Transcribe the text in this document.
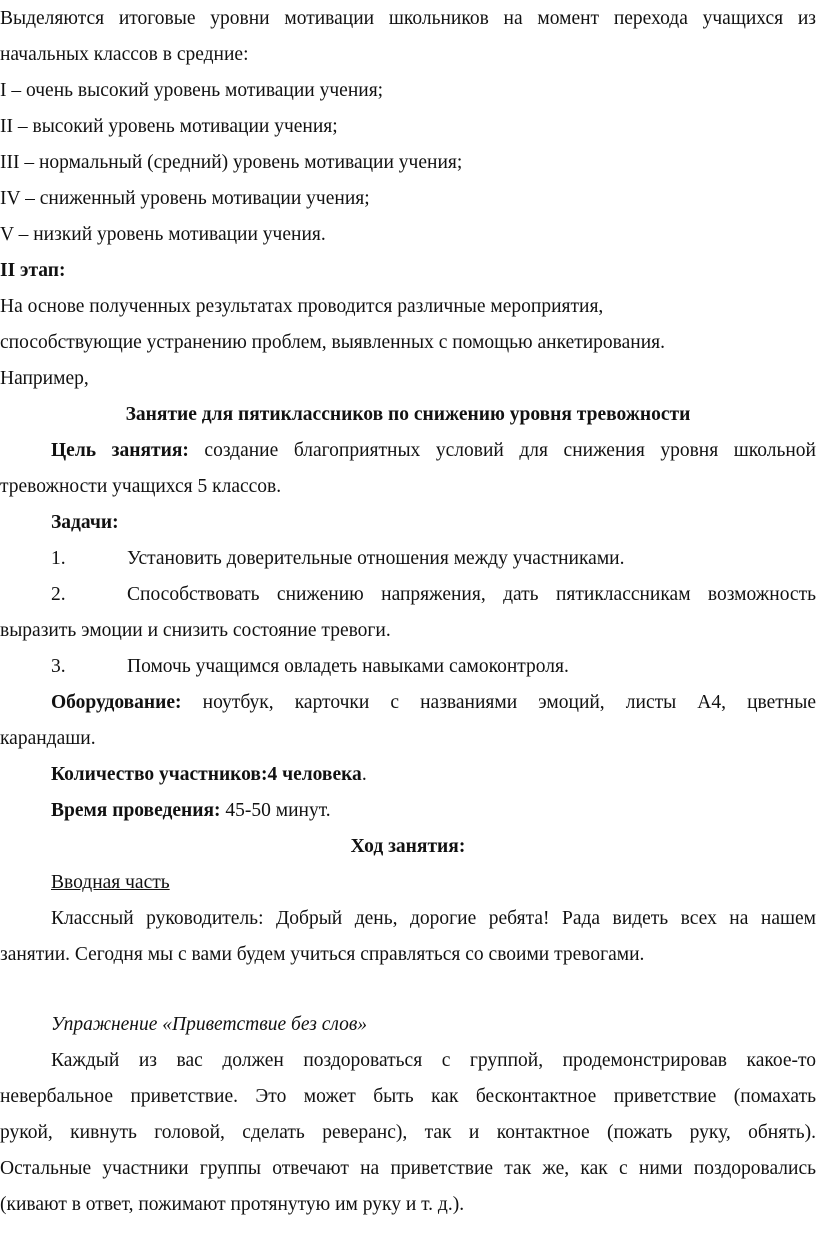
Выделяются итоговые уровни мотивации школьников на момент перехода учащихся из
начальных классов в средние:
I – очень высокий уровень мотивации учения;
II – высокий уровень мотивации учения;
III – нормальный (средний) уровень мотивации учения;
IV – сниженный уровень мотивации учения;
V – низкий уровень мотивации учения.
II этап:
На основе полученных результатах проводится различные мероприятия,
способствующие устранению проблем, выявленных с помощью анкетирования.
Например,
Занятие для пятиклассников по снижению уровня тревожности
Цель занятия: создание благоприятных условий для снижения уровня школьной
тревожности учащихся 5 классов.
Задачи:
1.	Установить доверительные отношения между участниками.
2.	Способствовать снижению напряжения, дать пятиклассникам возможность
выразить эмоции и снизить состояние тревоги.
3.	Помочь учащимся овладеть навыками самоконтроля.
Оборудование: ноутбук, карточки с названиями эмоций, листы А4, цветные
карандаши.
Количество участников:4 человека.
Время проведения: 45-50 минут.
Ход занятия:
Вводная часть
Классный руководитель: Добрый день, дорогие ребята! Рада видеть всех на нашем
занятии. Сегодня мы с вами будем учиться справляться со своими тревогами.
Упражнение «Приветствие без слов»
Каждый из вас должен поздороваться с группой, продемонстрировав какое-то
невербальное приветствие. Это может быть как бесконтактное приветствие (помахать
рукой, кивнуть головой, сделать реверанс), так и контактное (пожать руку, обнять).
Остальные участники группы отвечают на приветствие так же, как с ними поздоровались
(кивают в ответ, пожимают протянутую им руку и т. д.).
